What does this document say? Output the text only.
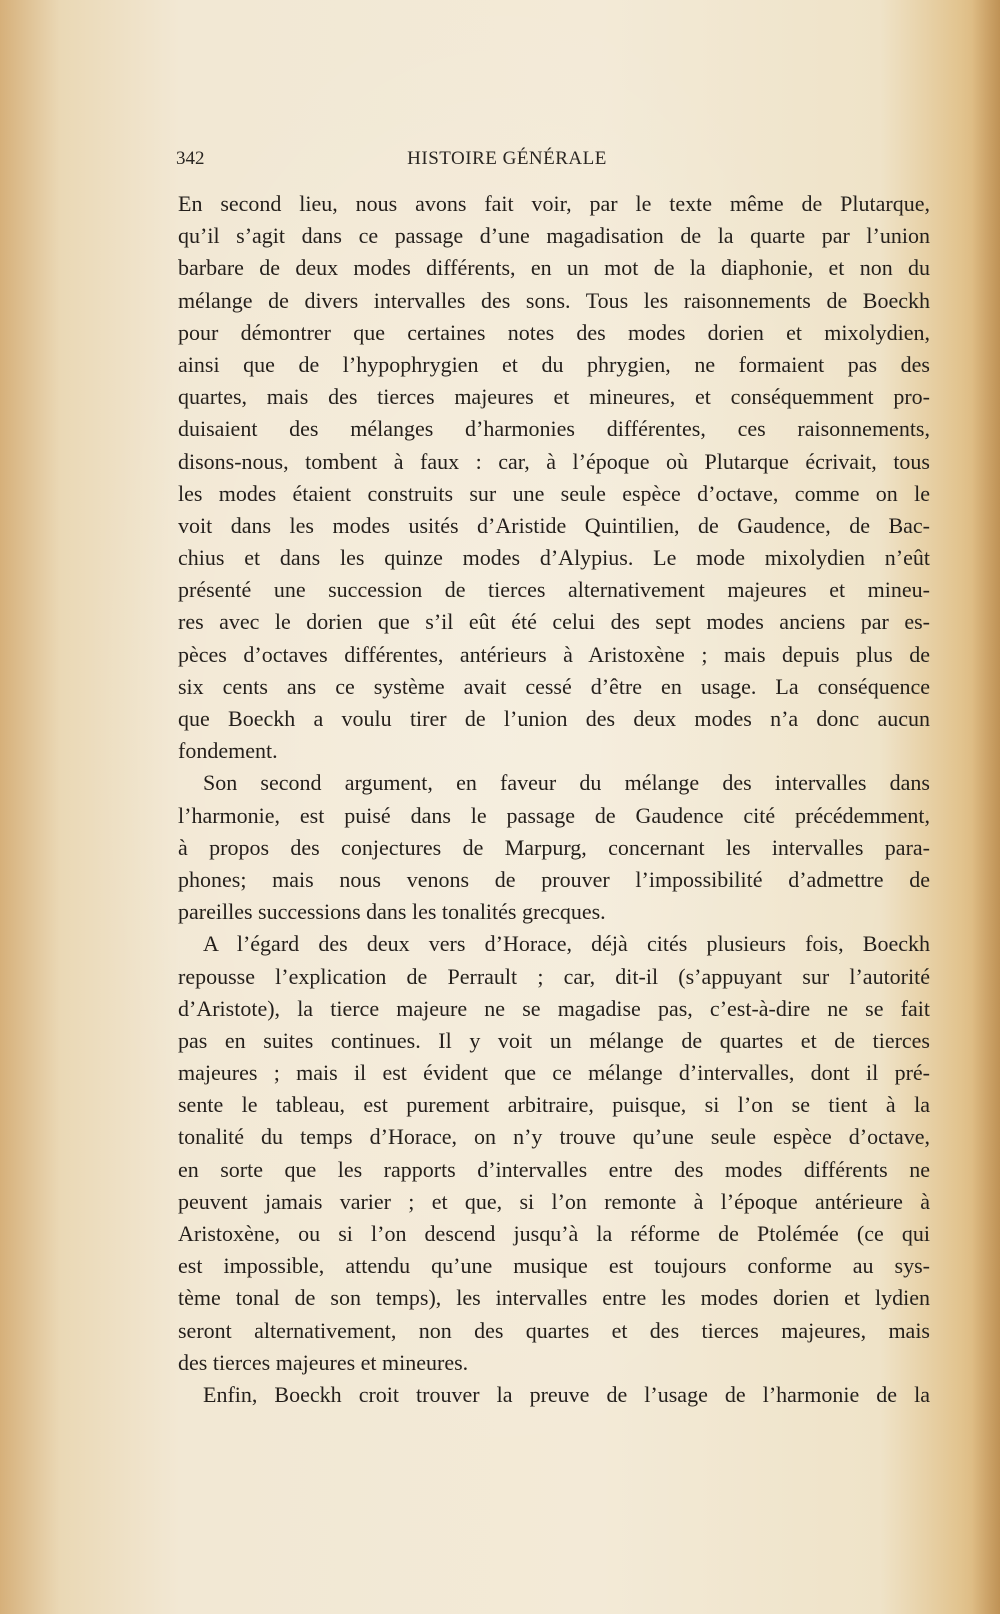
342	HISTOIRE GÉNÉRALE
En second lieu, nous avons fait voir, par le texte même de Plutarque,
qu’il s’agit dans ce passage d’une magadisation de la quarte par l’union
barbare de deux modes différents, en un mot de la diaphonie, et non du
mélange de divers intervalles des sons. Tous les raisonnements de Boeckh
pour démontrer que certaines notes des modes dorien et mixolydien,
ainsi que de l’hypophrygien et du phrygien, ne formaient pas des
quartes, mais des tierces majeures et mineures, et conséquemment pro-
duisaient des mélanges d’harmonies différentes, ces raisonnements,
disons-nous, tombent à faux : car, à l’époque où Plutarque écrivait, tous
les modes étaient construits sur une seule espèce d’octave, comme on le
voit dans les modes usités d’Aristide Quintilien, de Gaudence, de Bac-
chius et dans les quinze modes d’Alypius. Le mode mixolydien n’eût
présenté une succession de tierces alternativement majeures et mineu-
res avec le dorien que s’il eût été celui des sept modes anciens par es-
pèces d’octaves différentes, antérieurs à Aristoxène ; mais depuis plus de
six cents ans ce système avait cessé d’être en usage. La conséquence
que Boeckh a voulu tirer de l’union des deux modes n’a donc aucun
fondement.
Son second argument, en faveur du mélange des intervalles dans
l’harmonie, est puisé dans le passage de Gaudence cité précédemment,
à propos des conjectures de Marpurg, concernant les intervalles para-
phones; mais nous venons de prouver l’impossibilité d’admettre de
pareilles successions dans les tonalités grecques.
A l’égard des deux vers d’Horace, déjà cités plusieurs fois, Boeckh
repousse l’explication de Perrault ; car, dit-il (s’appuyant sur l’autorité
d’Aristote), la tierce majeure ne se magadise pas, c’est-à-dire ne se fait
pas en suites continues. Il y voit un mélange de quartes et de tierces
majeures ; mais il est évident que ce mélange d’intervalles, dont il pré-
sente le tableau, est purement arbitraire, puisque, si l’on se tient à la
tonalité du temps d’Horace, on n’y trouve qu’une seule espèce d’octave,
en sorte que les rapports d’intervalles entre des modes différents ne
peuvent jamais varier ; et que, si l’on remonte à l’époque antérieure à
Aristoxène, ou si l’on descend jusqu’à la réforme de Ptolémée (ce qui
est impossible, attendu qu’une musique est toujours conforme au sys-
tème tonal de son temps), les intervalles entre les modes dorien et lydien
seront alternativement, non des quartes et des tierces majeures, mais
des tierces majeures et mineures.
Enfin, Boeckh croit trouver la preuve de l’usage de l’harmonie de la
